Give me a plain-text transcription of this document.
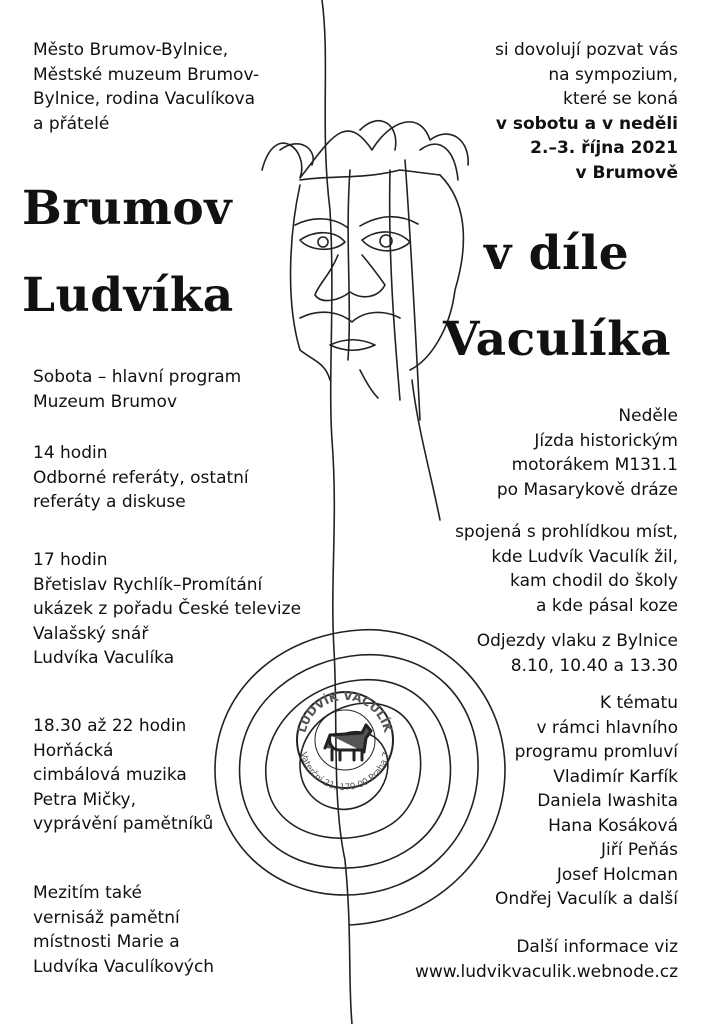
LUDVÍK VACULÍK
Vaterční 21, 170 00 Praha 7
Město Brumov-Bylnice,
Městské muzeum Brumov-
Bylnice, rodina Vaculíkova
a přátelé
si dovolují pozvat vás
na sympozium,
které se koná
v sobotu a v neděli
2.–3. října 2021
v Brumově
Brumov
Ludvíka
v díle
Vaculíka
Sobota – hlavní program
Muzeum Brumov
14 hodin
Odborné referáty, ostatní
referáty a diskuse
17 hodin
Břetislav Rychlík–Promítání
ukázek z pořadu České televize
Valašský snář
Ludvíka Vaculíka
18.30 až 22 hodin
Horňácká
cimbálová muzika
Petra Mičky,
vyprávění pamětníků
Mezitím také
vernisáž pamětní
místnosti Marie a
Ludvíka Vaculíkových
Neděle
Jízda historickým
motorákem M131.1
po Masarykově dráze
spojená s prohlídkou míst,
kde Ludvík Vaculík žil,
kam chodil do školy
a kde pásal koze
Odjezdy vlaku z Bylnice
8.10, 10.40 a 13.30
K tématu
v rámci hlavního
programu promluví
Vladimír Karfík
Daniela Iwashita
Hana Kosáková
Jiří Peňás
Josef Holcman
Ondřej Vaculík a další
Další informace viz
www.ludvikvaculik.webnode.cz
